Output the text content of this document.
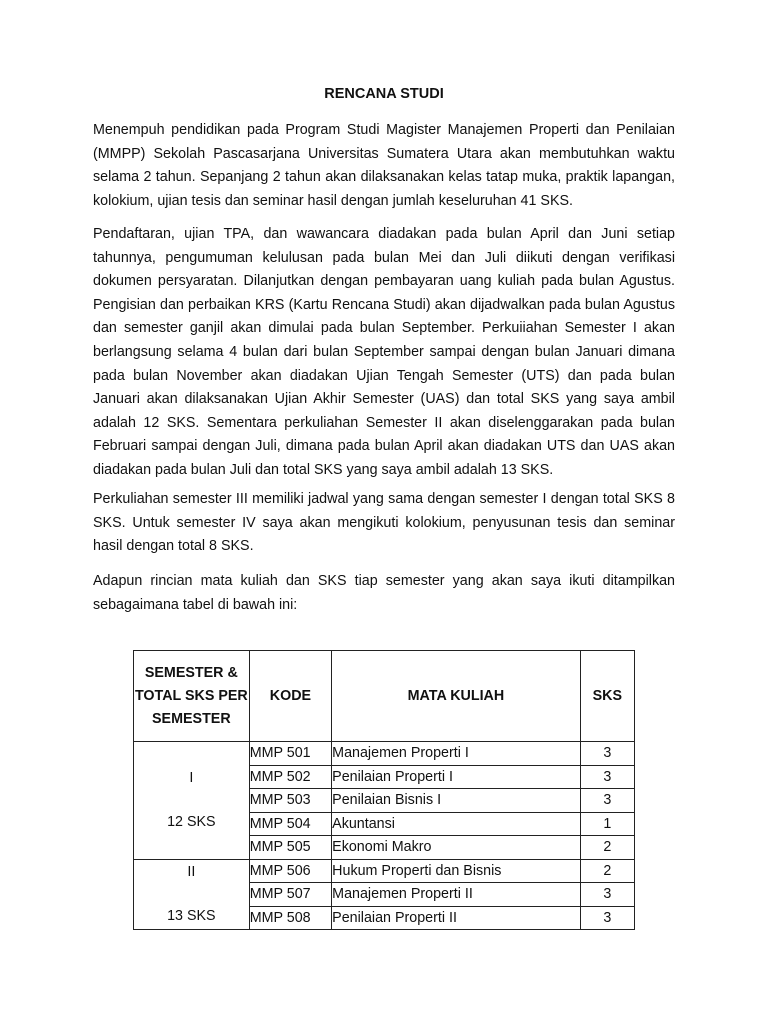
RENCANA STUDI

Menempuh pendidikan pada Program Studi Magister Manajemen Properti dan Penilaian (MMPP) Sekolah Pascasarjana Universitas Sumatera Utara akan membutuhkan waktu selama 2 tahun. Sepanjang 2 tahun akan dilaksanakan kelas tatap muka, praktik lapangan, kolokium, ujian tesis dan seminar hasil dengan jumlah keseluruhan 41 SKS.

Pendaftaran, ujian TPA, dan wawancara diadakan pada bulan April dan Juni setiap tahunnya, pengumuman kelulusan pada bulan Mei dan Juli diikuti dengan verifikasi dokumen persyaratan. Dilanjutkan dengan pembayaran uang kuliah pada bulan Agustus. Pengisian dan perbaikan KRS (Kartu Rencana Studi) akan dijadwalkan pada bulan Agustus dan semester ganjil akan dimulai pada bulan September. Perkuiiahan Semester I akan berlangsung selama 4 bulan dari bulan September sampai dengan bulan Januari dimana pada bulan November akan diadakan Ujian Tengah Semester (UTS) dan pada bulan Januari akan dilaksanakan Ujian Akhir Semester (UAS) dan total SKS yang saya ambil adalah 12 SKS. Sementara perkuliahan Semester II akan diselenggarakan pada bulan Februari sampai dengan Juli, dimana pada bulan April akan diadakan UTS dan UAS akan diadakan pada bulan Juli dan total SKS yang saya ambil adalah 13 SKS.

Perkuliahan semester III memiliki jadwal yang sama dengan semester I dengan total SKS 8 SKS. Untuk semester IV saya akan mengikuti kolokium, penyusunan tesis dan seminar hasil dengan total 8 SKS.

Adapun rincian mata kuliah dan SKS tiap semester yang akan saya ikuti ditampilkan sebagaimana tabel di bawah ini:

SEMESTER & TOTAL SKS PER SEMESTER	KODE	MATA KULIAH	SKS

I
12 SKS	MMP 501	Manajemen Properti I	3
	MMP 502	Penilaian Properti I	3
	MMP 503	Penilaian Bisnis I	3
	MMP 504	Akuntansi	1
	MMP 505	Ekonomi Makro	2

II
13 SKS	MMP 506	Hukum Properti dan Bisnis	2
	MMP 507	Manajemen Properti II	3
	MMP 508	Penilaian Properti II	3
